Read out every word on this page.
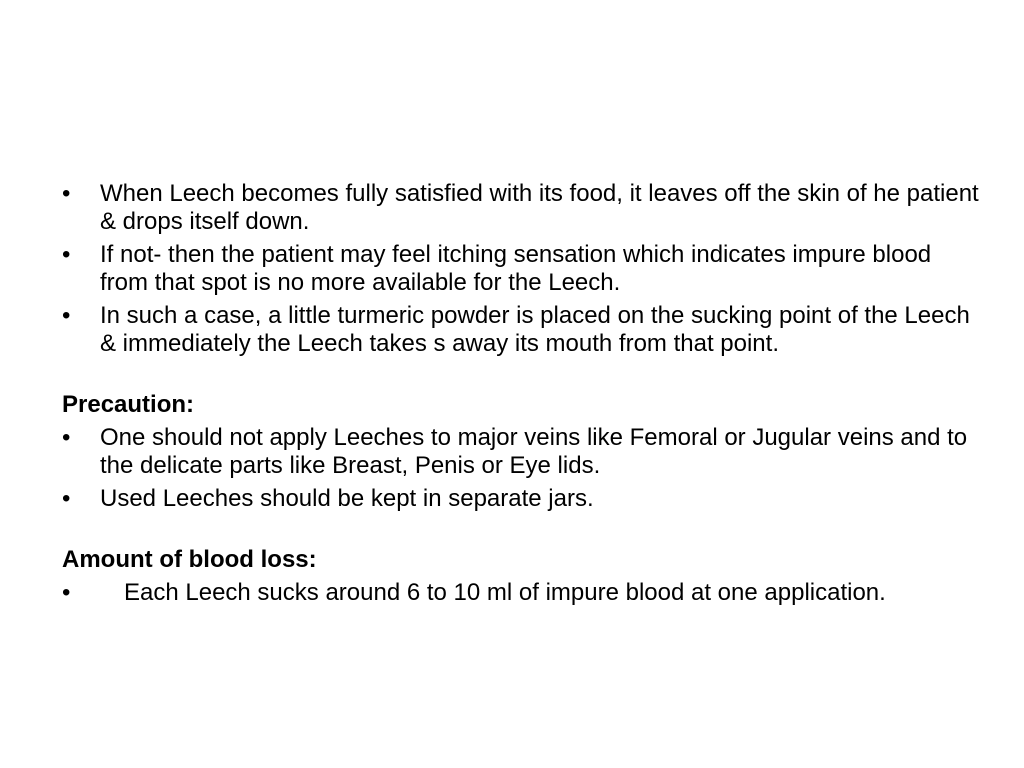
•	When Leech becomes fully satisfied with its food, it leaves off the skin of he patient & drops itself down.
•	If not- then the patient may feel itching sensation which indicates impure blood from that spot is no more available for the Leech.
•	In such a case, a little turmeric powder is placed on the sucking point of the Leech & immediately the Leech takes s away its mouth from that point.
Precaution:
•	One should not apply Leeches to major veins like Femoral or Jugular veins and to the delicate parts like Breast, Penis or Eye lids.
•	Used Leeches should be kept in separate jars.
Amount of blood loss:
•	Each Leech sucks around 6 to 10 ml of impure blood at one application.
